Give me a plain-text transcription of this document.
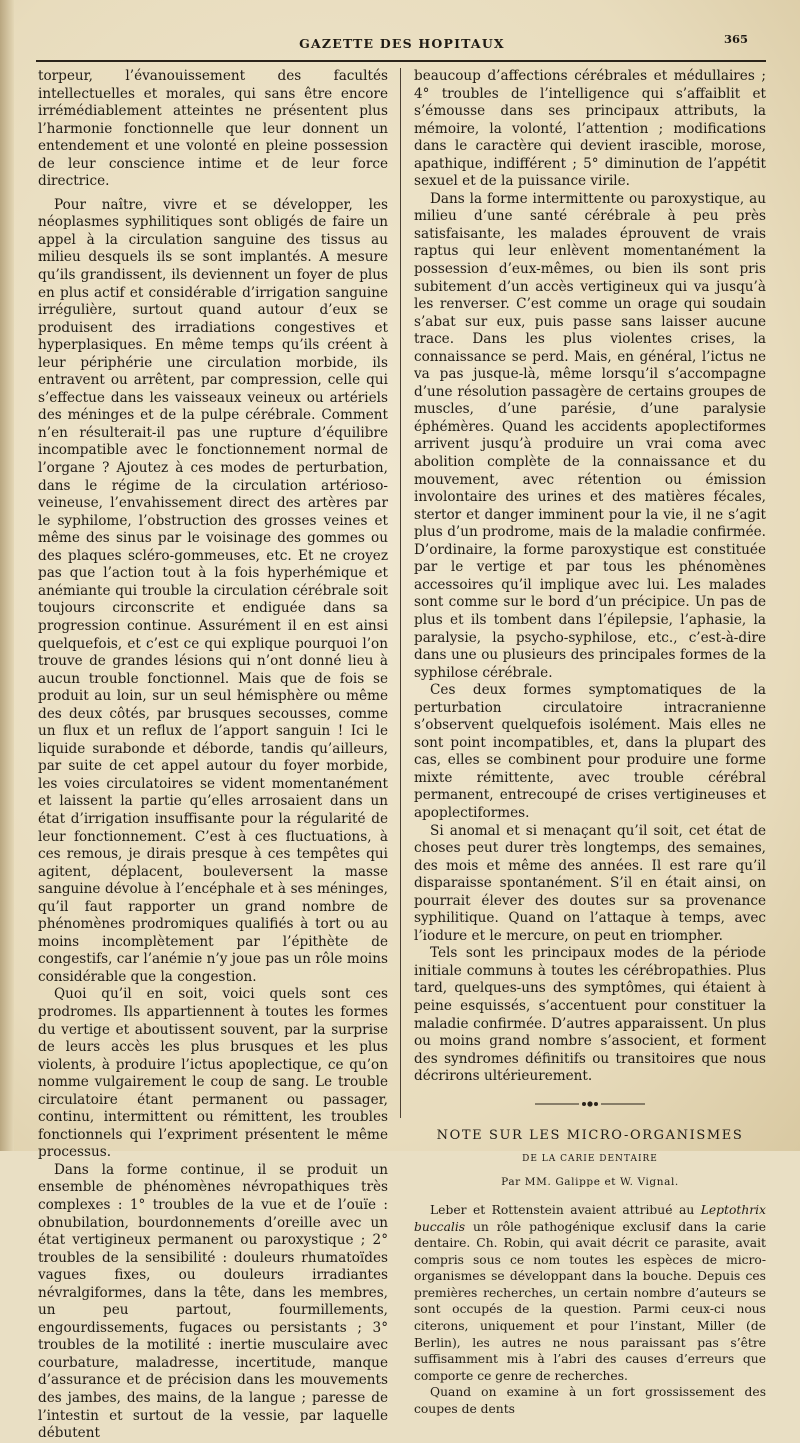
GAZETTE DES HOPITAUX	365

torpeur, l’évanouissement des facultés intellectuelles et morales, qui sans être encore irrémédiablement atteintes ne présentent plus l’harmonie fonctionnelle que leur donnent un entendement et une volonté en pleine possession de leur conscience intime et de leur force directrice.

Pour naître, vivre et se développer, les néoplasmes syphilitiques sont obligés de faire un appel à la circulation sanguine des tissus au milieu desquels ils se sont implantés. A mesure qu’ils grandissent, ils deviennent un foyer de plus en plus actif et considérable d’irrigation sanguine irrégulière, surtout quand autour d’eux se produisent des irradiations congestives et hyperplasiques. En même temps qu’ils créent à leur périphérie une circulation morbide, ils entravent ou arrêtent, par compression, celle qui s’effectue dans les vaisseaux veineux ou artériels des méninges et de la pulpe cérébrale. Comment n’en résulterait-il pas une rupture d’équilibre incompatible avec le fonctionnement normal de l’organe ? Ajoutez à ces modes de perturbation, dans le régime de la circulation artérioso-veineuse, l’envahissement direct des artères par le syphilome, l’obstruction des grosses veines et même des sinus par le voisinage des gommes ou des plaques scléro-gommeuses, etc. Et ne croyez pas que l’action tout à la fois hyperhémique et anémiante qui trouble la circulation cérébrale soit toujours circonscrite et endiguée dans sa progression continue. Assurément il en est ainsi quelquefois, et c’est ce qui explique pourquoi l’on trouve de grandes lésions qui n’ont donné lieu à aucun trouble fonctionnel. Mais que de fois se produit au loin, sur un seul hémisphère ou même des deux côtés, par brusques secousses, comme un flux et un reflux de l’apport sanguin ! Ici le liquide surabonde et déborde, tandis qu’ailleurs, par suite de cet appel autour du foyer morbide, les voies circulatoires se vident momentanément et laissent la partie qu’elles arrosaient dans un état d’irrigation insuffisante pour la régularité de leur fonctionnement. C’est à ces fluctuations, à ces remous, je dirais presque à ces tempêtes qui agitent, déplacent, bouleversent la masse sanguine dévolue à l’encéphale et à ses méninges, qu’il faut rapporter un grand nombre de phénomènes prodromiques qualifiés à tort ou au moins incomplètement par l’épithète de congestifs, car l’anémie n’y joue pas un rôle moins considérable que la congestion.

Quoi qu’il en soit, voici quels sont ces prodromes. Ils appartiennent à toutes les formes du vertige et aboutissent souvent, par la surprise de leurs accès les plus brusques et les plus violents, à produire l’ictus apoplectique, ce qu’on nomme vulgairement le coup de sang. Le trouble circulatoire étant permanent ou passager, continu, intermittent ou rémittent, les troubles fonctionnels qui l’expriment présentent le même processus.

Dans la forme continue, il se produit un ensemble de phénomènes névropathiques très complexes : 1° troubles de la vue et de l’ouïe : obnubilation, bourdonnements d’oreille avec un état vertigineux permanent ou paroxystique ; 2° troubles de la sensibilité : douleurs rhumatoïdes vagues fixes, ou douleurs irradiantes névralgiformes, dans la tête, dans les membres, un peu partout, fourmillements, engourdissements, fugaces ou persistants ; 3° troubles de la motilité : inertie musculaire avec courbature, maladresse, incertitude, manque d’assurance et de précision dans les mouvements des jambes, des mains, de la langue ; paresse de l’intestin et surtout de la vessie, par laquelle débutent

beaucoup d’affections cérébrales et médullaires ; 4° troubles de l’intelligence qui s’affaiblit et s’émousse dans ses principaux attributs, la mémoire, la volonté, l’attention ; modifications dans le caractère qui devient irascible, morose, apathique, indifférent ; 5° diminution de l’appétit sexuel et de la puissance virile.

Dans la forme intermittente ou paroxystique, au milieu d’une santé cérébrale à peu près satisfaisante, les malades éprouvent de vrais raptus qui leur enlèvent momentanément la possession d’eux-mêmes, ou bien ils sont pris subitement d’un accès vertigineux qui va jusqu’à les renverser. C’est comme un orage qui soudain s’abat sur eux, puis passe sans laisser aucune trace. Dans les plus violentes crises, la connaissance se perd. Mais, en général, l’ictus ne va pas jusque-là, même lorsqu’il s’accompagne d’une résolution passagère de certains groupes de muscles, d’une parésie, d’une paralysie éphémères. Quand les accidents apoplectiformes arrivent jusqu’à produire un vrai coma avec abolition complète de la connaissance et du mouvement, avec rétention ou émission involontaire des urines et des matières fécales, stertor et danger imminent pour la vie, il ne s’agit plus d’un prodrome, mais de la maladie confirmée. D’ordinaire, la forme paroxystique est constituée par le vertige et par tous les phénomènes accessoires qu’il implique avec lui. Les malades sont comme sur le bord d’un précipice. Un pas de plus et ils tombent dans l’épilepsie, l’aphasie, la paralysie, la psycho-syphilose, etc., c’est-à-dire dans une ou plusieurs des principales formes de la syphilose cérébrale.

Ces deux formes symptomatiques de la perturbation circulatoire intracranienne s’observent quelquefois isolément. Mais elles ne sont point incompatibles, et, dans la plupart des cas, elles se combinent pour produire une forme mixte rémittente, avec trouble cérébral permanent, entrecoupé de crises vertigineuses et apoplectiformes.

Si anomal et si menaçant qu’il soit, cet état de choses peut durer très longtemps, des semaines, des mois et même des années. Il est rare qu’il disparaisse spontanément. S’il en était ainsi, on pourrait élever des doutes sur sa provenance syphilitique. Quand on l’attaque à temps, avec l’iodure et le mercure, on peut en triompher.

Tels sont les principaux modes de la période initiale communs à toutes les cérébropathies. Plus tard, quelques-uns des symptômes, qui étaient à peine esquissés, s’accentuent pour constituer la maladie confirmée. D’autres apparaissent. Un plus ou moins grand nombre s’associent, et forment des syndromes définitifs ou transitoires que nous décrirons ultérieurement.

NOTE SUR LES MICRO-ORGANISMES
DE LA CARIE DENTAIRE
Par MM. Galippe et W. Vignal.

Leber et Rottenstein avaient attribué au Leptothrix buccalis un rôle pathogénique exclusif dans la carie dentaire. Ch. Robin, qui avait décrit ce parasite, avait compris sous ce nom toutes les espèces de micro-organismes se développant dans la bouche. Depuis ces premières recherches, un certain nombre d’auteurs se sont occupés de la question. Parmi ceux-ci nous citerons, uniquement et pour l’instant, Miller (de Berlin), les autres ne nous paraissant pas s’être suffisamment mis à l’abri des causes d’erreurs que comporte ce genre de recherches.

Quand on examine à un fort grossissement des coupes de dents
